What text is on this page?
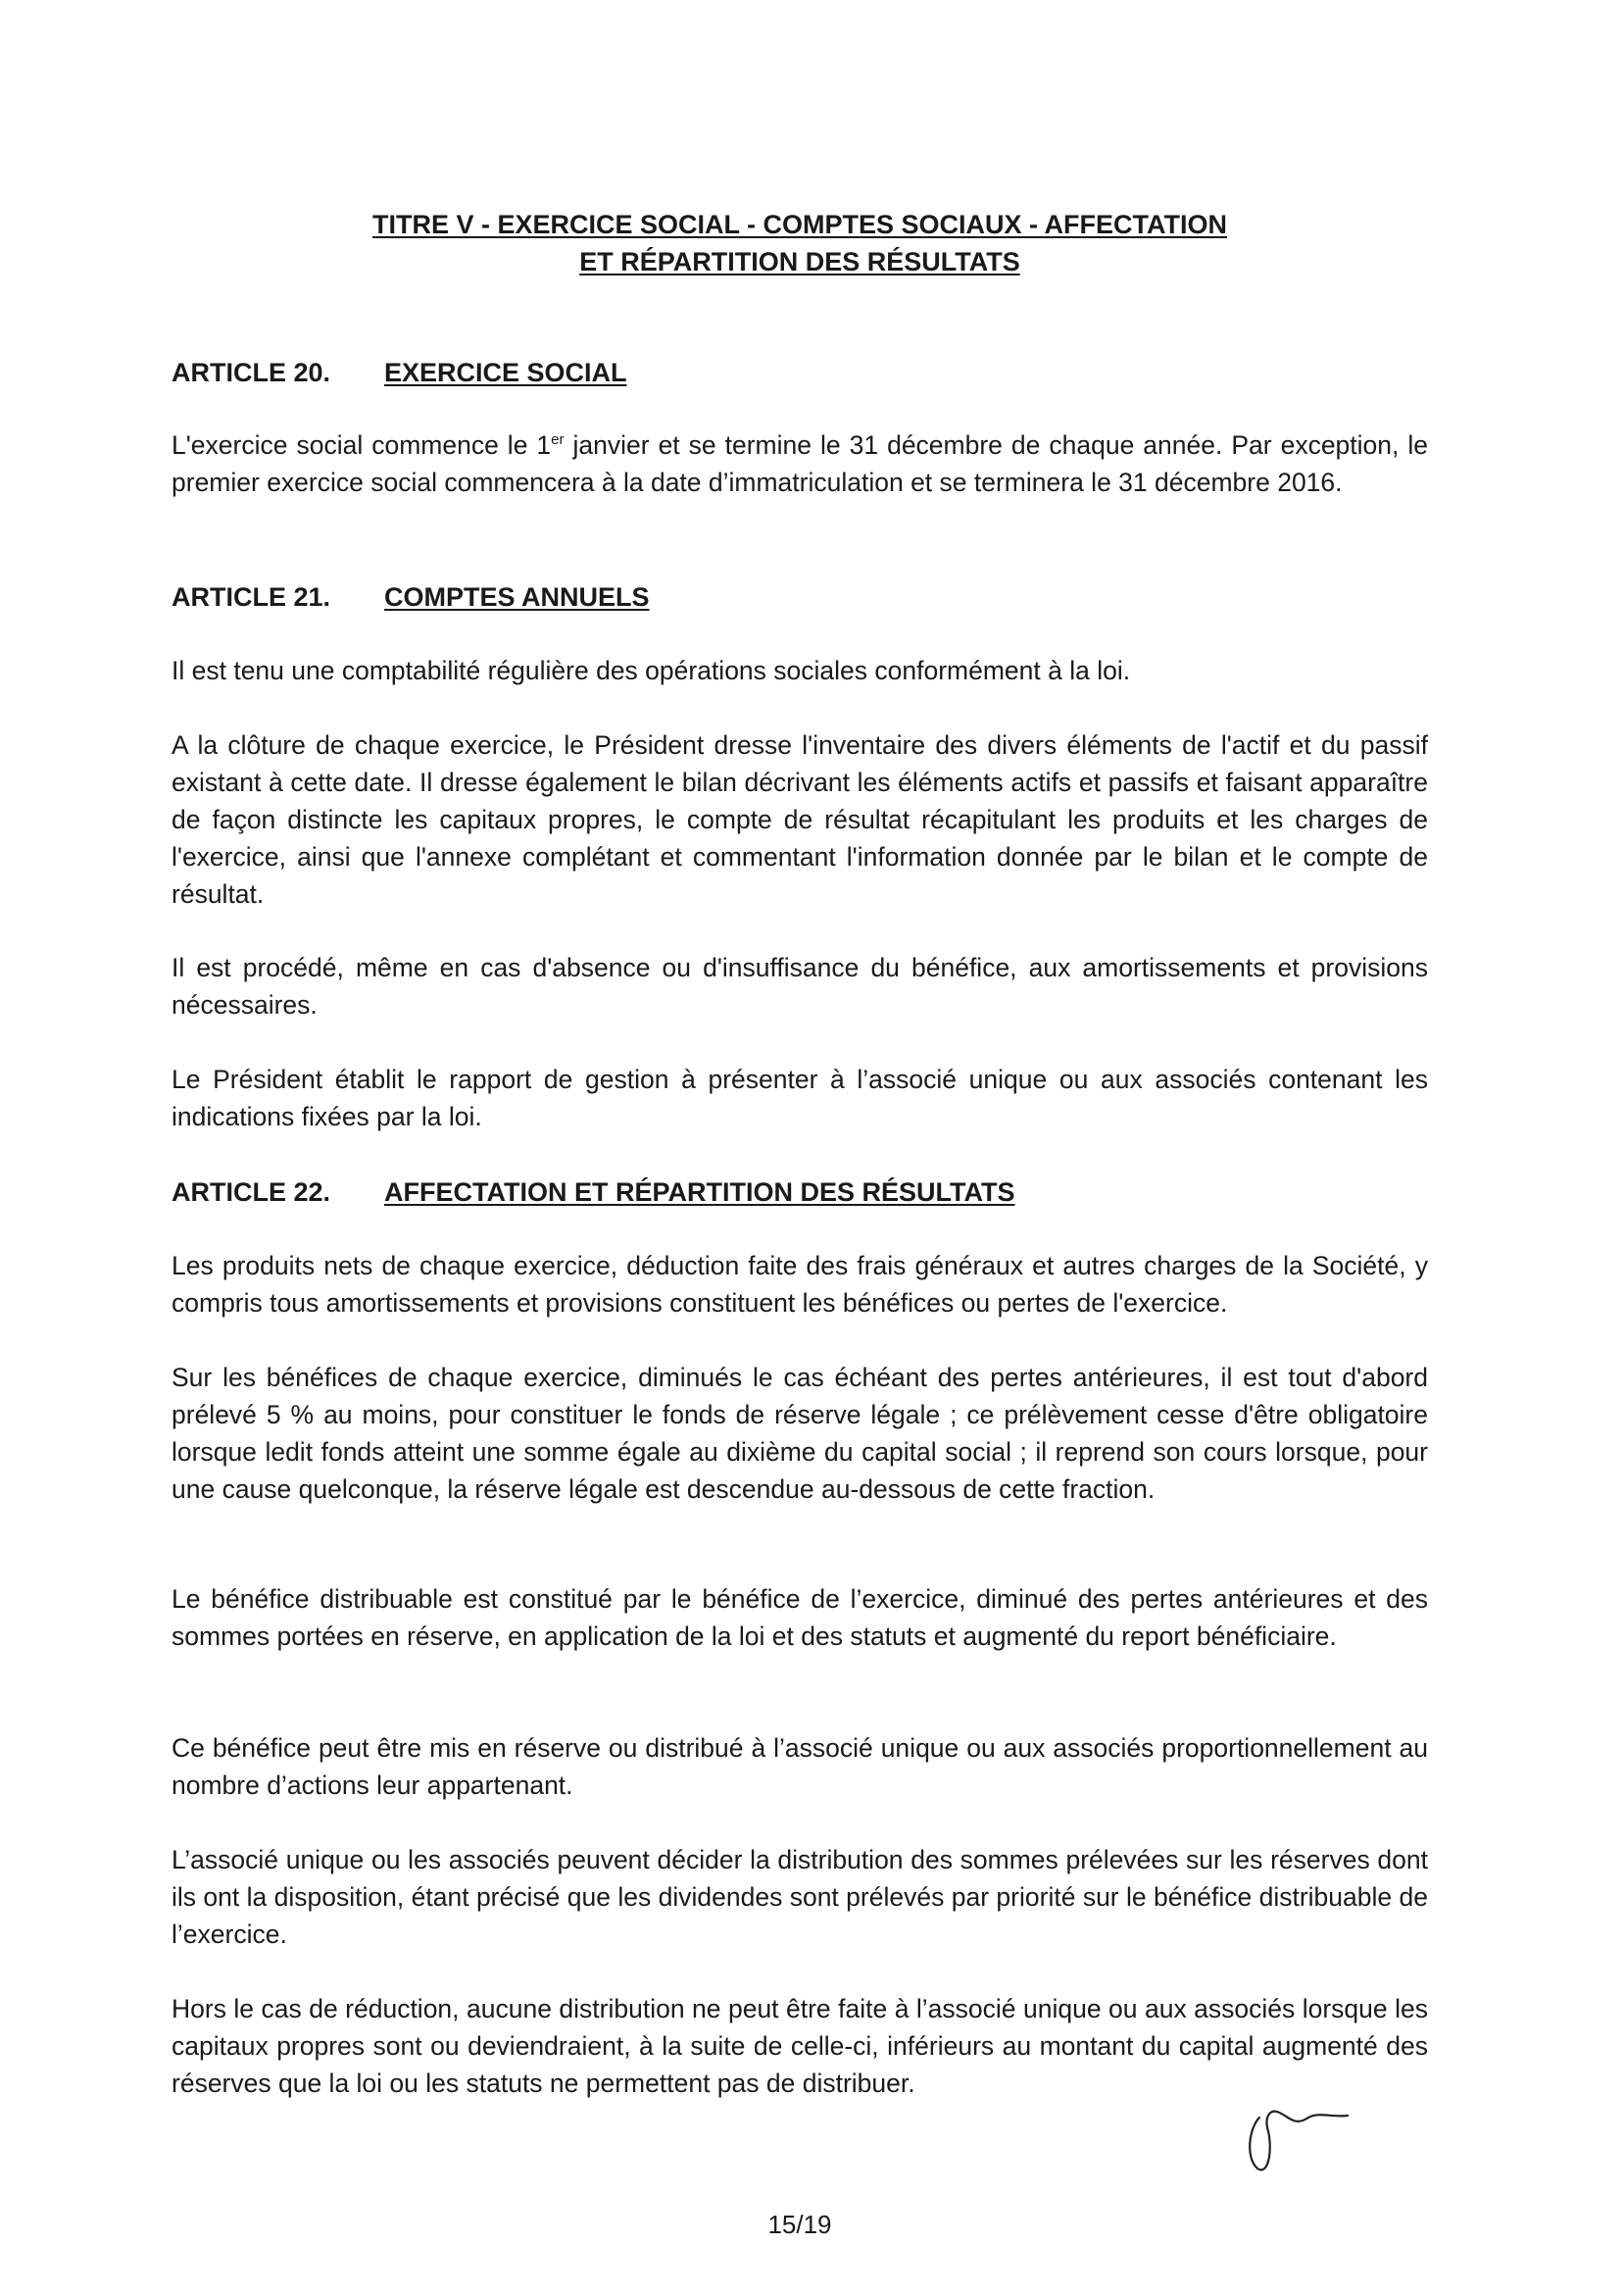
TITRE V - EXERCICE SOCIAL - COMPTES SOCIAUX - AFFECTATION
ET RÉPARTITION DES RÉSULTATS
ARTICLE 20. EXERCICE SOCIAL
L'exercice social commence le 1er janvier et se termine le 31 décembre de chaque année. Par exception, le premier exercice social commencera à la date d’immatriculation et se terminera le 31 décembre 2016.
ARTICLE 21. COMPTES ANNUELS
Il est tenu une comptabilité régulière des opérations sociales conformément à la loi.
A la clôture de chaque exercice, le Président dresse l'inventaire des divers éléments de l'actif et du passif existant à cette date. Il dresse également le bilan décrivant les éléments actifs et passifs et faisant apparaître de façon distincte les capitaux propres, le compte de résultat récapitulant les produits et les charges de l'exercice, ainsi que l'annexe complétant et commentant l'information donnée par le bilan et le compte de résultat.
Il est procédé, même en cas d'absence ou d'insuffisance du bénéfice, aux amortissements et provisions nécessaires.
Le Président établit le rapport de gestion à présenter à l’associé unique ou aux associés contenant les indications fixées par la loi.
ARTICLE 22. AFFECTATION ET RÉPARTITION DES RÉSULTATS
Les produits nets de chaque exercice, déduction faite des frais généraux et autres charges de la Société, y compris tous amortissements et provisions constituent les bénéfices ou pertes de l'exercice.
Sur les bénéfices de chaque exercice, diminués le cas échéant des pertes antérieures, il est tout d'abord prélevé 5 % au moins, pour constituer le fonds de réserve légale ; ce prélèvement cesse d'être obligatoire lorsque ledit fonds atteint une somme égale au dixième du capital social ; il reprend son cours lorsque, pour une cause quelconque, la réserve légale est descendue au-dessous de cette fraction.
Le bénéfice distribuable est constitué par le bénéfice de l’exercice, diminué des pertes antérieures et des sommes portées en réserve, en application de la loi et des statuts et augmenté du report bénéficiaire.
Ce bénéfice peut être mis en réserve ou distribué à l’associé unique ou aux associés proportionnellement au nombre d’actions leur appartenant.
L’associé unique ou les associés peuvent décider la distribution des sommes prélevées sur les réserves dont ils ont la disposition, étant précisé que les dividendes sont prélevés par priorité sur le bénéfice distribuable de l’exercice.
Hors le cas de réduction, aucune distribution ne peut être faite à l’associé unique ou aux associés lorsque les capitaux propres sont ou deviendraient, à la suite de celle-ci, inférieurs au montant du capital augmenté des réserves que la loi ou les statuts ne permettent pas de distribuer.
15/19
